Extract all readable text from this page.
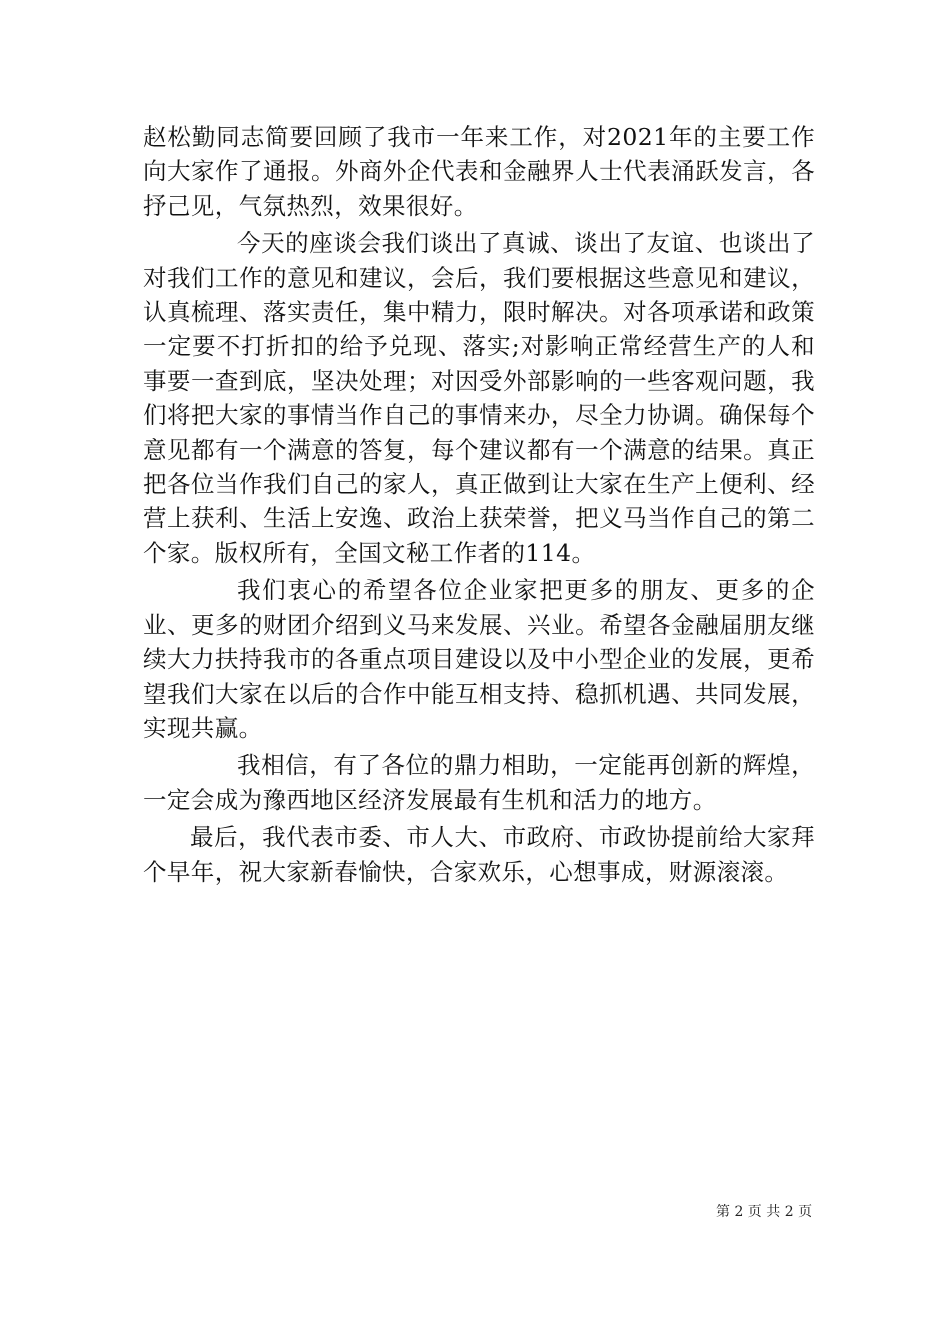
赵松勤同志简要回顾了我市一年来工作，对2021年的主要工作向大家作了通报。外商外企代表和金融界人士代表涌跃发言，各抒己见，气氛热烈，效果很好。

今天的座谈会我们谈出了真诚、谈出了友谊、也谈出了对我们工作的意见和建议，会后，我们要根据这些意见和建议，认真梳理、落实责任，集中精力，限时解决。对各项承诺和政策一定要不打折扣的给予兑现、落实;对影响正常经营生产的人和事要一查到底，坚决处理；对因受外部影响的一些客观问题，我们将把大家的事情当作自己的事情来办，尽全力协调。确保每个意见都有一个满意的答复，每个建议都有一个满意的结果。真正把各位当作我们自己的家人，真正做到让大家在生产上便利、经营上获利、生活上安逸、政治上获荣誉，把义马当作自己的第二个家。版权所有，全国文秘工作者的114。

我们衷心的希望各位企业家把更多的朋友、更多的企业、更多的财团介绍到义马来发展、兴业。希望各金融届朋友继续大力扶持我市的各重点项目建设以及中小型企业的发展，更希望我们大家在以后的合作中能互相支持、稳抓机遇、共同发展，实现共赢。

我相信，有了各位的鼎力相助，一定能再创新的辉煌，一定会成为豫西地区经济发展最有生机和活力的地方。

最后，我代表市委、市人大、市政府、市政协提前给大家拜个早年，祝大家新春愉快，合家欢乐，心想事成，财源滚滚。

第 2 页 共 2 页
